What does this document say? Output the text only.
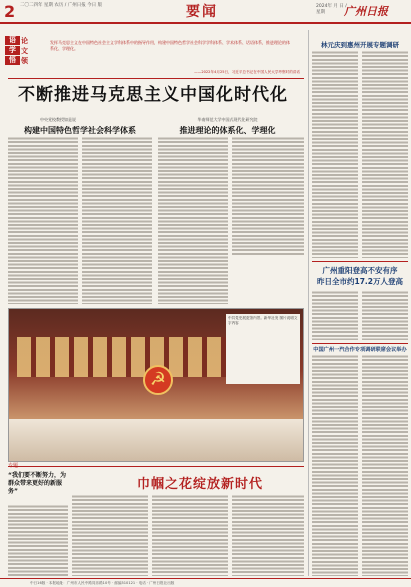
2 二〇二四年 星期 农历 / 广州日报 今日 版	要闻	2024年 月 日 / 星期	广州日报
语
学
悟
论
文
领
发挥马克思主义在中国特色社会主义学科体系中的指导作用，构建中国特色哲学社会科学学科体系、学术体系、话语体系，推进理论的体系化、学理化。
——2022年4月25日，习近平总书记在中国人民大学考察时的讲话
不断推进马克思主义中国化时代化
中央党校教授如是说
构建中国特色哲学社会科学体系
华南师范大学中国式现代化研究院
推进理论的体系化、学理化
☭
中共党史展览馆内景。新华社发 图片说明文字内容
专题
“我们要不断努力，为群众带来更好的新服务”	巾帼之花绽放新时代
林元庆到惠州开展专题调研
广州重阳登高不安有序
昨日全市约17.2万人登高
中国广州一汽合作专项调研联席会议举办
中日16版 · 本报地址：广州市人民中路同乐路10号 · 邮编510121 · 电话 · 广州日报社出版
